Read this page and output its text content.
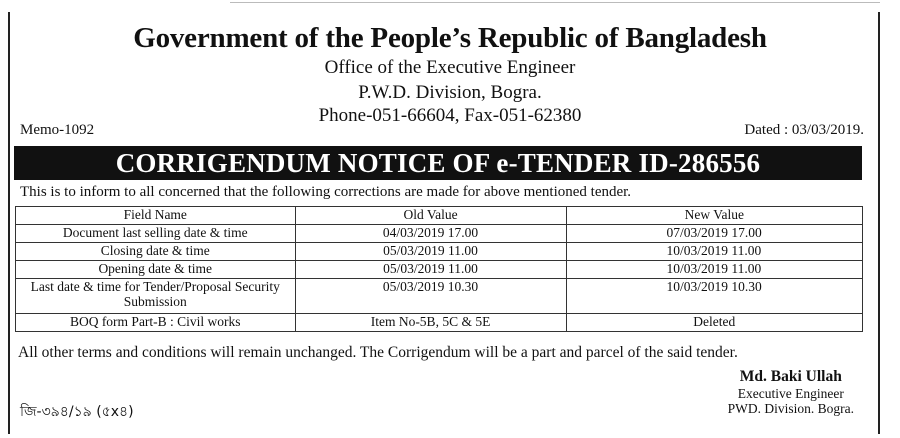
Government of the People’s Republic of Bangladesh
Office of the Executive Engineer
P.W.D. Division, Bogra.
Phone-051-66604, Fax-051-62380
Memo-1092	Dated : 03/03/2019.
CORRIGENDUM NOTICE OF e-TENDER ID-286556
This is to inform to all concerned that the following corrections are made for above mentioned tender.
Field Name	Old Value	New Value
Document last selling date & time	04/03/2019 17.00	07/03/2019 17.00
Closing date & time	05/03/2019 11.00	10/03/2019 11.00
Opening date & time	05/03/2019 11.00	10/03/2019 11.00
Last date & time for Tender/Proposal Security Submission	05/03/2019 10.30	10/03/2019 10.30
BOQ form Part-B : Civil works	Item No-5B, 5C & 5E	Deleted
All other terms and conditions will remain unchanged. The Corrigendum will be a part and parcel of the said tender.
Md. Baki Ullah
Executive Engineer
PWD. Division. Bogra.
জি-৩৯৪/১৯ (৫x৪)
